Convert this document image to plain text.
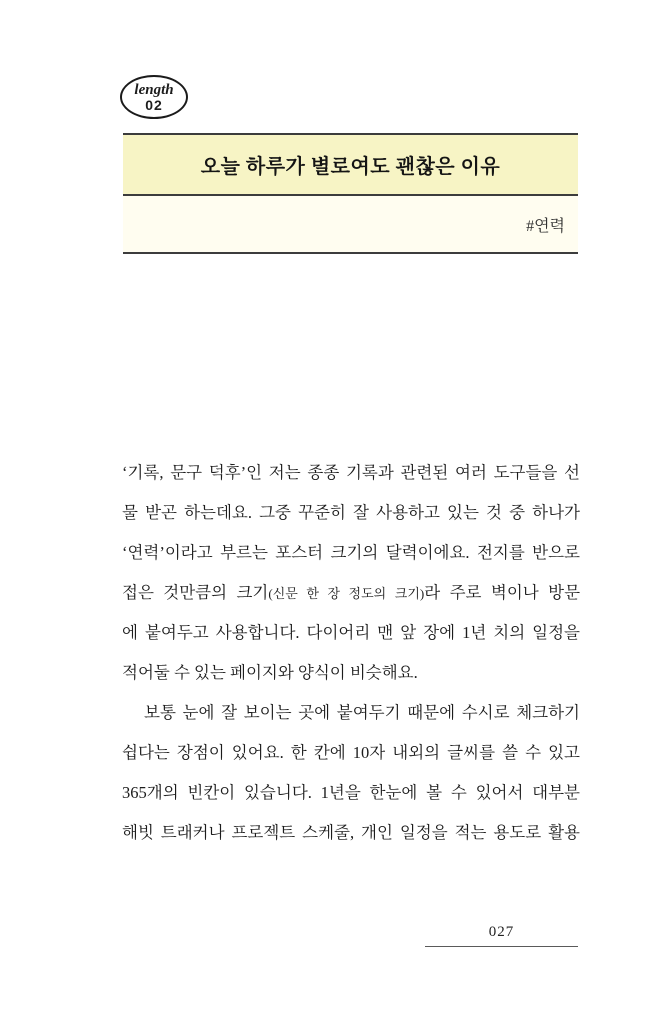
length
02
오늘 하루가 별로여도 괜찮은 이유
#연력
‘기록, 문구 덕후’인 저는 종종 기록과 관련된 여러 도구들을 선
물 받곤 하는데요. 그중 꾸준히 잘 사용하고 있는 것 중 하나가
‘연력’이라고 부르는 포스터 크기의 달력이에요. 전지를 반으로
접은 것만큼의 크기(신문 한 장 정도의 크기)라 주로 벽이나 방문
에 붙여두고 사용합니다. 다이어리 맨 앞 장에 1년 치의 일정을
적어둘 수 있는 페이지와 양식이 비슷해요.
보통 눈에 잘 보이는 곳에 붙여두기 때문에 수시로 체크하기
쉽다는 장점이 있어요. 한 칸에 10자 내외의 글씨를 쓸 수 있고
365개의 빈칸이 있습니다. 1년을 한눈에 볼 수 있어서 대부분
해빗 트래커나 프로젝트 스케줄, 개인 일정을 적는 용도로 활용
027
